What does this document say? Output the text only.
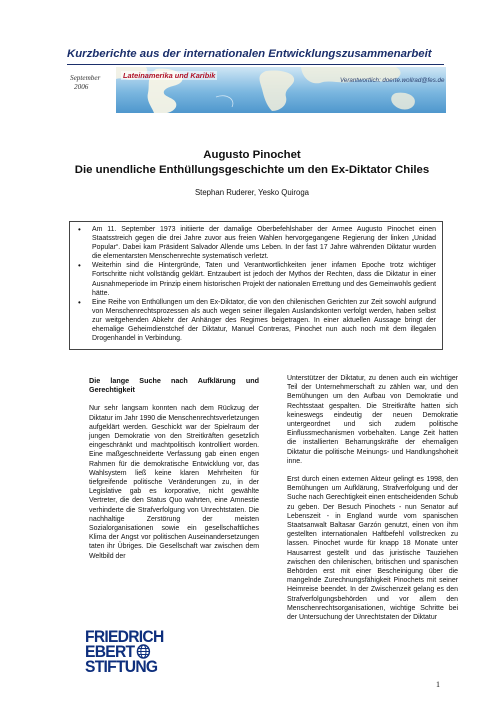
Kurzberichte aus der internationalen Entwicklungszusammenarbeit
September
2006
Lateinamerika und Karibik
Verantwortlich: doerte.wollrad@fes.de

Augusto Pinochet

Die unendliche Enthüllungsgeschichte um den Ex-Diktator Chiles

Stephan Ruderer, Yesko Quiroga
• Am 11. September 1973 initiierte der damalige Oberbefehlshaber der Armee Augusto Pinochet einen Staatsstreich gegen die drei Jahre zuvor aus freien Wahlen hervorgegangene Regierung der linken „Unidad Popular“. Dabei kam Präsident Salvador Allende ums Leben. In der fast 17 Jahre währenden Diktatur wurden die elementarsten Menschenrechte systematisch verletzt.
• Weiterhin sind die Hintergründe, Taten und Verantwortlichkeiten jener infamen Epoche trotz wichtiger Fortschritte nicht vollständig geklärt. Entzaubert ist jedoch der Mythos der Rechten, dass die Diktatur in einer Ausnahmeperiode im Prinzip einem historischen Projekt der nationalen Errettung und des Gemeinwohls gedient hätte.
• Eine Reihe von Enthüllungen um den Ex-Diktator, die von den chilenischen Gerichten zur Zeit sowohl aufgrund von Menschenrechtsprozessen als auch wegen seiner illegalen Auslandskonten verfolgt werden, haben selbst zur weitgehenden Abkehr der Anhänger des Regimes beigetragen. In einer aktuellen Aussage bringt der ehemalige Geheimdienstchef der Diktatur, Manuel Contreras, Pinochet nun auch noch mit dem illegalen Drogenhandel in Verbindung.
Die lange Suche nach Aufklärung und Gerechtigkeit

Nur sehr langsam konnten nach dem Rückzug der Diktatur im Jahr 1990 die Menschenrechtsverletzungen aufgeklärt werden. Geschickt war der Spielraum der jungen Demokratie von den Streitkräften gesetzlich eingeschränkt und machtpolitisch kontrolliert worden. Eine maßgeschneiderte Verfassung gab einen engen Rahmen für die demokratische Entwicklung vor, das Wahlsystem ließ keine klaren Mehrheiten für tiefgreifende politische Veränderungen zu, in der Legislative gab es korporative, nicht gewählte Vertreter, die den Status Quo wahrten, eine Amnestie verhinderte die Strafverfolgung von Unrechtstaten. Die nachhaltige Zerstörung der meisten Sozialorganisationen sowie ein gesellschaftliches Klima der Angst vor politischen Auseinandersetzungen taten ihr Übriges. Die Gesellschaft war zwischen dem Weltbild der

Unterstützer der Diktatur, zu denen auch ein wichtiger Teil der Unternehmerschaft zu zählen war, und den Bemühungen um den Aufbau von Demokratie und Rechtsstaat gespalten. Die Streitkräfte hatten sich keineswegs eindeutig der neuen Demokratie untergeordnet und sich zudem politische Einflussmechanismen vorbehalten. Lange Zeit hatten die installierten Beharrungskräfte der ehemaligen Diktatur die politische Meinungs- und Handlungshoheit inne.

Erst durch einen externen Akteur gelingt es 1998, den Bemühungen um Aufklärung, Strafverfolgung und der Suche nach Gerechtigkeit einen entscheidenden Schub zu geben. Der Besuch Pinochets - nun Senator auf Lebenszeit - in England wurde vom spanischen Staatsanwalt Baltasar Garzón genutzt, einen von ihm gestellten internationalen Haftbefehl vollstrecken zu lassen. Pinochet wurde für knapp 18 Monate unter Hausarrest gestellt und das juristische Tauziehen zwischen den chilenischen, britischen und spanischen Behörden erst mit einer Bescheinigung über die mangelnde Zurechnungsfähigkeit Pinochets mit seiner Heimreise beendet. In der Zwischenzeit gelang es den Strafverfolgungsbehörden und vor allem den Menschenrechtsorganisationen, wichtige Schritte bei der Untersuchung der Unrechtstaten der Diktatur

FRIEDRICH
EBERT
STIFTUNG
1
